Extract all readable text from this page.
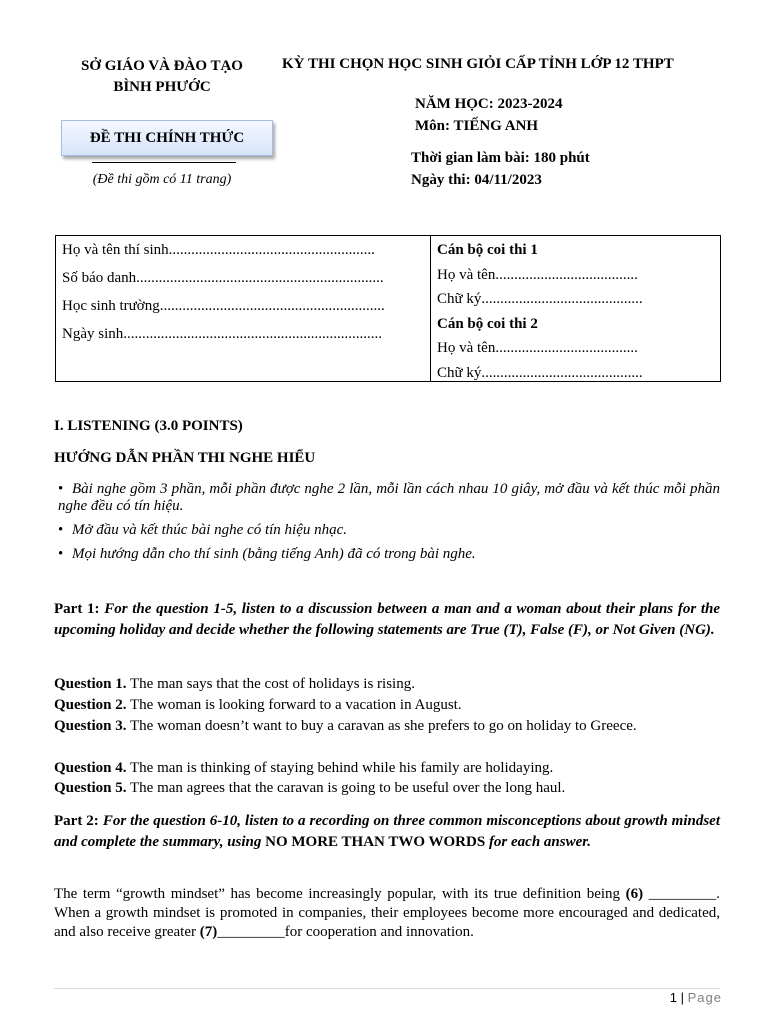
SỞ GIÁO VÀ ĐÀO TẠO
BÌNH PHƯỚC
KỲ THI CHỌN HỌC SINH GIỎI CẤP TỈNH LỚP 12 THPT
NĂM HỌC: 2023-2024
Môn: TIẾNG ANH
ĐỀ THI CHÍNH THỨC
(Đề thi gồm có 11 trang)
Thời gian làm bài: 180 phút
Ngày thi: 04/11/2023
Họ và tên thí sinh.......................................................
Số báo danh..................................................................
Học sinh trường............................................................
Ngày sinh.....................................................................
Cán bộ coi thi 1
Họ và tên......................................
Chữ ký...........................................
Cán bộ coi thi 2
Họ và tên......................................
Chữ ký...........................................
I. LISTENING (3.0 POINTS)
HƯỚNG DẪN PHẦN THI NGHE HIỂU
• Bài nghe gồm 3 phần, mỗi phần được nghe 2 lần, mỗi lần cách nhau 10 giây, mở đầu và kết thúc mỗi phần nghe đều có tín hiệu.
• Mở đầu và kết thúc bài nghe có tín hiệu nhạc.
• Mọi hướng dẫn cho thí sinh (bằng tiếng Anh) đã có trong bài nghe.
Part 1: For the question 1-5, listen to a discussion between a man and a woman about their plans for the upcoming holiday and decide whether the following statements are True (T), False (F), or Not Given (NG).
Question 1. The man says that the cost of holidays is rising.
Question 2. The woman is looking forward to a vacation in August.
Question 3. The woman doesn’t want to buy a caravan as she prefers to go on holiday to Greece.
Question 4. The man is thinking of staying behind while his family are holidaying.
Question 5. The man agrees that the caravan is going to be useful over the long haul.
Part 2: For the question 6-10, listen to a recording on three common misconceptions about growth mindset and complete the summary, using NO MORE THAN TWO WORDS for each answer.
The term “growth mindset” has become increasingly popular, with its true definition being (6) _________. When a growth mindset is promoted in companies, their employees become more encouraged and dedicated, and also receive greater (7)_________for cooperation and innovation.
1 | Page
